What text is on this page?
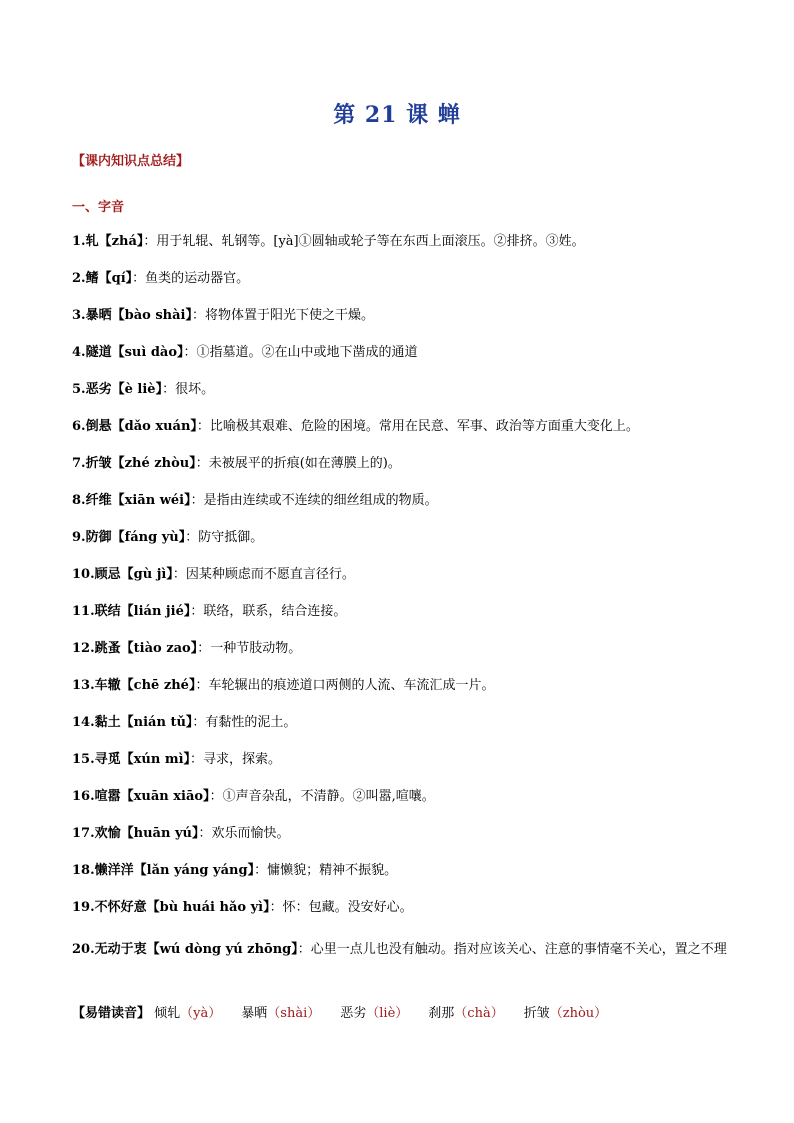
第 21 课 蝉
【课内知识点总结】
一、字音
1.轧【zhá】：用于轧辊、轧钢等。[yà]①圆轴或轮子等在东西上面滚压。②排挤。③姓。
2.鳍【qí】：鱼类的运动器官。
3.暴晒【bào shài】：将物体置于阳光下使之干燥。
4.隧道【suì dào】：①指墓道。②在山中或地下凿成的通道
5.恶劣【è liè】：很坏。
6.倒悬【dǎo xuán】：比喻极其艰难、危险的困境。常用在民意、军事、政治等方面重大变化上。
7.折皱【zhé zhòu】：未被展平的折痕(如在薄膜上的)。
8.纤维【xiān wéi】：是指由连续或不连续的细丝组成的物质。
9.防御【fáng yù】：防守抵御。
10.顾忌【gù jì】：因某种顾虑而不愿直言径行。
11.联结【lián jié】：联络，联系，结合连接。
12.跳蚤【tiào zao】：一种节肢动物。
13.车辙【chē zhé】：车轮辗出的痕迹道口两侧的人流、车流汇成一片。
14.黏土【nián tǔ】：有黏性的泥土。
15.寻觅【xún mì】：寻求，探索。
16.喧嚣【xuān xiāo】：①声音杂乱，不清静。②叫嚣,喧嚷。
17.欢愉【huān yú】：欢乐而愉快。
18.懒洋洋【lǎn yáng yáng】：慵懒貌；精神不振貌。
19.不怀好意【bù huái hǎo yì】：怀：包藏。没安好心。
20.无动于衷【wú dòng yú zhōng】：心里一点儿也没有触动。指对应该关心、注意的事情毫不关心，置之不理
【易错读音】 倾轧（yà） 暴晒（shài） 恶劣（liè） 刹那（chà） 折皱（zhòu）
